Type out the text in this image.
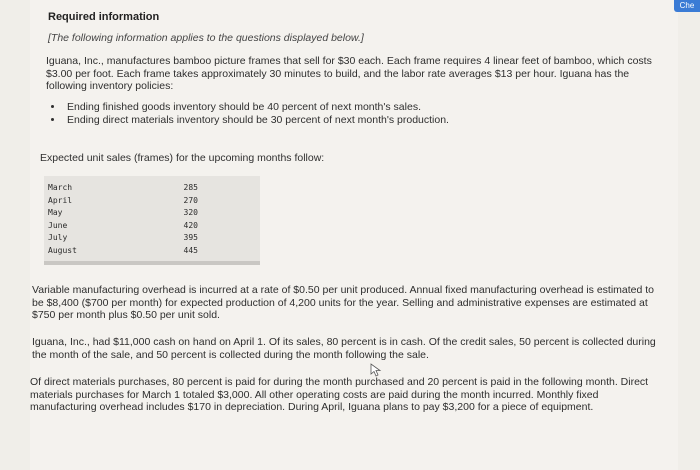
Che
Required information
[The following information applies to the questions displayed below.]
Iguana, Inc., manufactures bamboo picture frames that sell for $30 each. Each frame requires 4 linear feet of bamboo, which costs $3.00 per foot. Each frame takes approximately 30 minutes to build, and the labor rate averages $13 per hour. Iguana has the following inventory policies:
• Ending finished goods inventory should be 40 percent of next month's sales.
• Ending direct materials inventory should be 30 percent of next month's production.
Expected unit sales (frames) for the upcoming months follow:
March	285
April	270
May	320
June	420
July	395
August	445
Variable manufacturing overhead is incurred at a rate of $0.50 per unit produced. Annual fixed manufacturing overhead is estimated to be $8,400 ($700 per month) for expected production of 4,200 units for the year. Selling and administrative expenses are estimated at $750 per month plus $0.50 per unit sold.
Iguana, Inc., had $11,000 cash on hand on April 1. Of its sales, 80 percent is in cash. Of the credit sales, 50 percent is collected during the month of the sale, and 50 percent is collected during the month following the sale.
Of direct materials purchases, 80 percent is paid for during the month purchased and 20 percent is paid in the following month. Direct materials purchases for March 1 totaled $3,000. All other operating costs are paid during the month incurred. Monthly fixed manufacturing overhead includes $170 in depreciation. During April, Iguana plans to pay $3,200 for a piece of equipment.
